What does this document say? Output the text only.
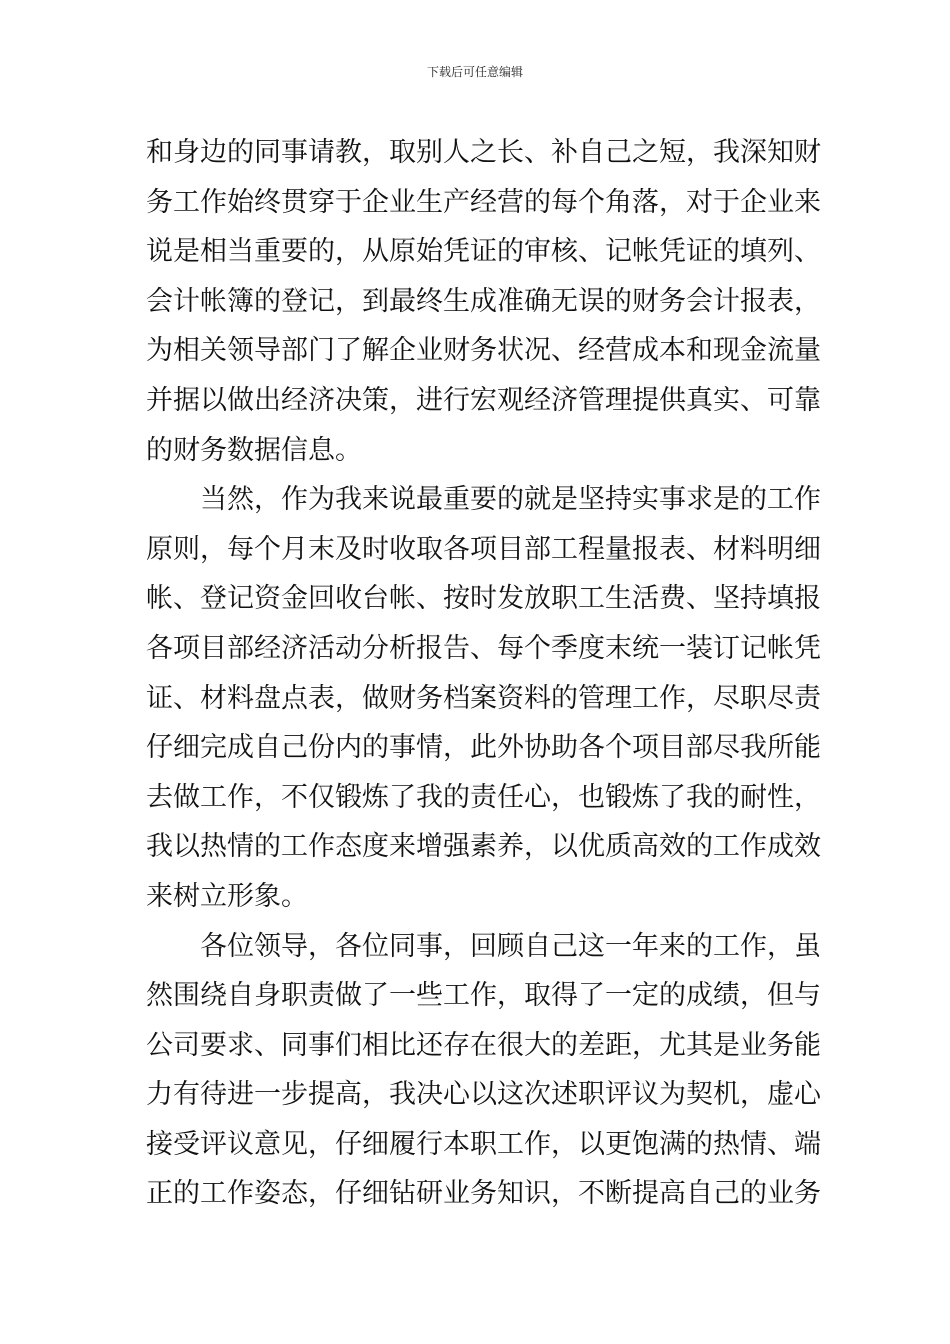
下载后可任意编辑
和身边的同事请教，取别人之长、补自己之短，我深知财
务工作始终贯穿于企业生产经营的每个角落，对于企业来
说是相当重要的，从原始凭证的审核、记帐凭证的填列、
会计帐簿的登记，到最终生成准确无误的财务会计报表，
为相关领导部门了解企业财务状况、经营成本和现金流量
并据以做出经济决策，进行宏观经济管理提供真实、可靠
的财务数据信息。
当然，作为我来说最重要的就是坚持实事求是的工作
原则，每个月末及时收取各项目部工程量报表、材料明细
帐、登记资金回收台帐、按时发放职工生活费、坚持填报
各项目部经济活动分析报告、每个季度末统一装订记帐凭
证、材料盘点表，做财务档案资料的管理工作，尽职尽责
仔细完成自己份内的事情，此外协助各个项目部尽我所能
去做工作，不仅锻炼了我的责任心，也锻炼了我的耐性，
我以热情的工作态度来增强素养，以优质高效的工作成效
来树立形象。
各位领导，各位同事，回顾自己这一年来的工作，虽
然围绕自身职责做了一些工作，取得了一定的成绩，但与
公司要求、同事们相比还存在很大的差距，尤其是业务能
力有待进一步提高，我决心以这次述职评议为契机，虚心
接受评议意见，仔细履行本职工作，以更饱满的热情、端
正的工作姿态，仔细钻研业务知识，不断提高自己的业务
